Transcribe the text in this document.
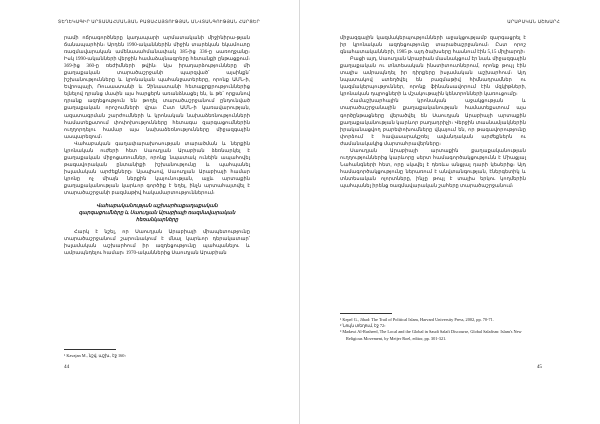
ՏԵՂԵԿԱԳԻՐ ԱՐՏԱՍԱՀՄԱՆՅԱՆ ԲԱՑԱՀԱՅՏՈՒԹՅԱՆ ԱՆՎՏԱՆԳՈՒԹՅԱՆ ՀԱՐՑԵՐ

րամի ոճրագործները կաղապարի արմատականի միջինիրա-թյան ճանապարհին։ Արդեն 1990-ականներին միջին տարեկան եկամուտը ռազմավարական ամենասահմանափակ 385-ից 336-ը սառողջանը։ Իսկ 1990-ականների վերջին համաձայնագրերը հետանքի ընթացքում։ 369-ից 360-ը ռեժիմների թվին։ Այս իրադարձությունները մի քաղաքական տարածաշրջանի պարզված՝ այսինքն՝ իշխանությունները և կրոնական պահանջատերերը, որոնք ԱՄՆ-ի, Եվրոպայի, Ռուսաստանի և Չինաստանի հետաքրքրություններից ելնելով դրանց մասին այս հարցերն առանձնացել են, և թե՛ որքանով դրանք ազդեցություն են թողել տարածաշրջանում ընդունված քաղաքական որոշումների վրա։ Ըստ ԱՄՆ-ի կառավարության, ազատագրման շարժումների և կրոնական նախաձեռնությունների համատեքստում փոփոխությունները հետագա զարգացումներին ուղղորդելու համար այս նախաձեռնությունները միջազգային ասպարեզում։

Վահաբական գաղափարախոսության տարածման և ներքին կրոնական ուժերի հետ Սաուդյան Արաբիան ձեռնարկել է քաղաքական միջոցառումներ, որոնք նպատակ ունեին ապահովել թագավորական ընտանիքի իշխանությունը և պահպանել իսլամական արժեքները։ Այսպիսով, Սաուդյան Արաբիայի համար կրոնը ոչ միայն ներքին կայունության, այլև արտաքին քաղաքականության կարևոր գործիք է եղել, ինչն արտահայտվել է տարածաշրջանի բազմաթիվ հակամարտություններում։

Վահաբականության աշխարհաքաղաքական զարգացումները և Սաուդյան Արաբիայի ռազմավարական հեռանկարները

Հարկ է նշել, որ Սաուդյան Արաբիայի միապետությունը տարածաշրջանում շարունակում է մնալ կարևոր դերակատար՝ իսլամական աշխարհում իր ազդեցությունը պահպանելու և ամրապնդելու համար։ 1970-ականներից Սաուդյան Արաբիան

¹ Kavajan M., նշվ. աշխ., էջ 160։

44
ԱՐԱԲԱԿԱՆ ԱՇԽԱՐՀ

միջազգային կազմակերպությունների աջակցությամբ զարգացրել է իր կրոնական ազդեցությունը տարածաշրջանում։ Ըստ որոշ գնահատականների, 1985 թ. այդ ծախսերը հասնում էին 5,15 միլիարդի։

Բացի այդ, Սաուդյան Արաբիան մասնակցում էր նաև միջազգային քաղաքական ու տնտեսական ինստիտուտներում, որոնք թույլ էին տալիս ամրապնդել իր դիրքերը իսլամական աշխարհում։ Այդ նպատակով ստեղծվել են բազմաթիվ հիմնադրամներ ու կազմակերպություններ, որոնք ֆինանսավորում էին մզկիթների, կրոնական դպրոցների և մշակութային կենտրոնների կառուցումը։

Համաշխարհային կրոնական աջակցության և տարածաշրջանային քաղաքականության համատեքստում այս գործընթացները վերածվել են Սաուդյան Արաբիայի արտաքին քաղաքականության կարևոր բաղադրիչի։ Վերջին տասնամյակներին իրականացվող բարեփոխումները վկայում են, որ թագավորությունը փորձում է հավասարակշռել ավանդական արժեքներն ու ժամանակակից մարտահրավերները։

Սաուդյան Արաբիայի արտաքին քաղաքականության ուղղություններից կարևորը սերտ համագործակցությունն է Միացյալ Նահանգների հետ, որը սկսվել է դեռևս անցյալ դարի կեսերից։ Այդ համագործակցությունը ներառում է անվտանգության, էներգետիկ և տնտեսական ոլորտները, ինչը թույլ է տալիս երկու կողմերին պահպանել իրենց ռազմավարական շահերը տարածաշրջանում։

¹ Kepel G., Jihad: The Trail of Political Islam, Harvard University Press, 2002, pp. 70-71.

² Նույն տեղում, էջ 72։

³ Madawi Al-Rasheed, The Local and the Global in Saudi Salafi Discourse, Global Salafism: Islam's New Religious Movement, by Meijer Roel, editor, pp. 301-321.

45
